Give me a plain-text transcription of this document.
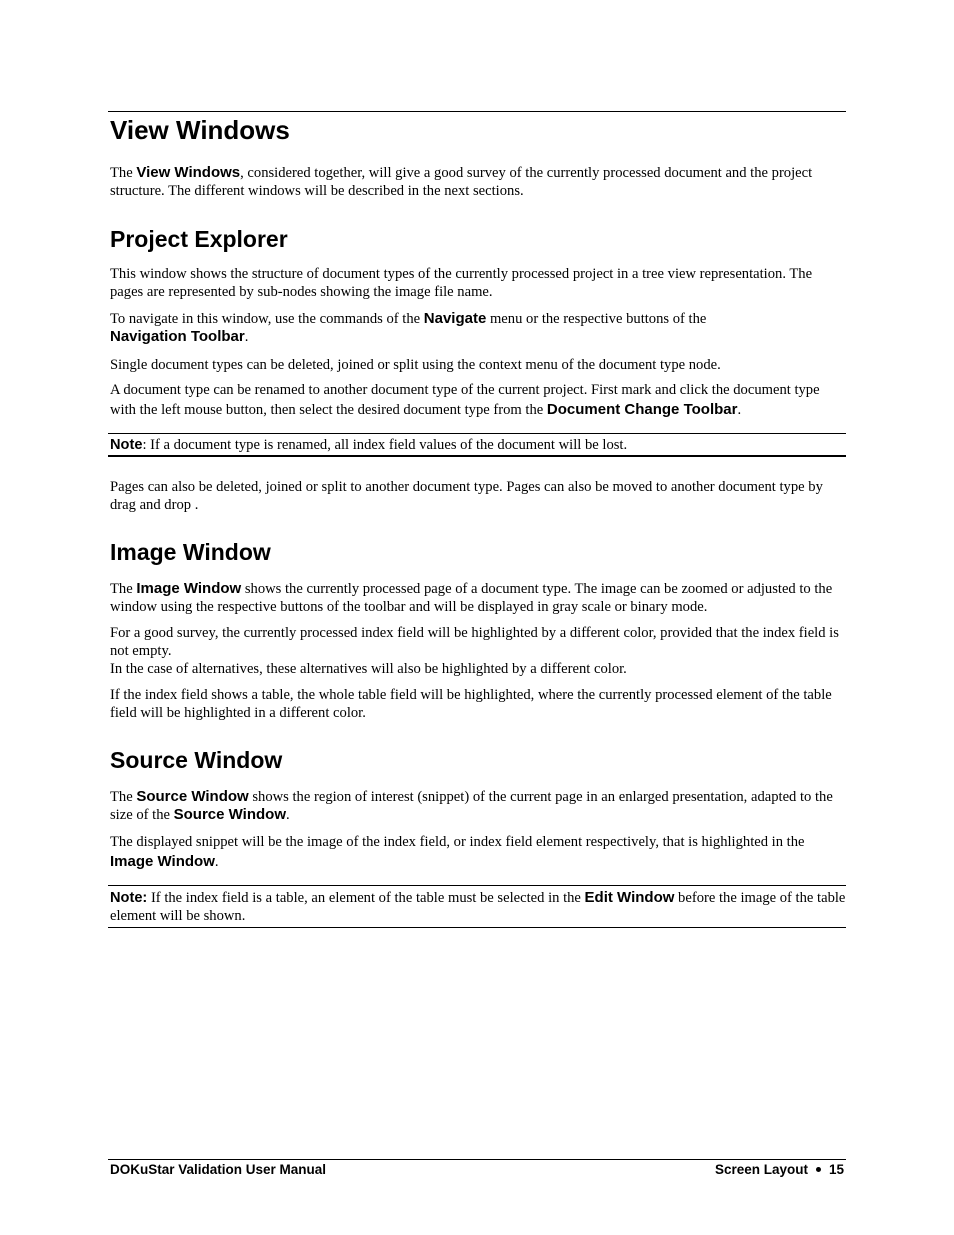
View Windows

The View Windows, considered together, will give a good survey of the currently processed document and the project structure. The different windows will be described in the next sections.

Project Explorer

This window shows the structure of document types of the currently processed project in a tree view representation. The pages are represented by sub-nodes showing the image file name.

To navigate in this window, use the commands of the Navigate menu or the respective buttons of the
Navigation Toolbar.

Single document types can be deleted, joined or split using the context menu of the document type node.

A document type can be renamed to another document type of the current project. First mark and click the document type with the left mouse button, then select the desired document type from the Document Change Toolbar.

Note: If a document type is renamed, all index field values of the document will be lost.

Pages can also be deleted, joined or split to another document type. Pages can also be moved to another document type by drag and drop .

Image Window

The Image Window shows the currently processed page of a document type. The image can be zoomed or adjusted to the window using the respective buttons of the toolbar and will be displayed in gray scale or binary mode.

For a good survey, the currently processed index field will be highlighted by a different color, provided that the index field is not empty.
In the case of alternatives, these alternatives will also be highlighted by a different color.

If the index field shows a table, the whole table field will be highlighted, where the currently processed element of the table field will be highlighted in a different color.

Source Window

The Source Window shows the region of interest (snippet) of the current page in an enlarged presentation, adapted to the size of the Source Window.

The displayed snippet will be the image of the index field, or index field element respectively, that is highlighted in the Image Window.

Note: If the index field is a table, an element of the table must be selected in the Edit Window before the image of the table element will be shown.

DOKuStar Validation User Manual	Screen Layout 15
